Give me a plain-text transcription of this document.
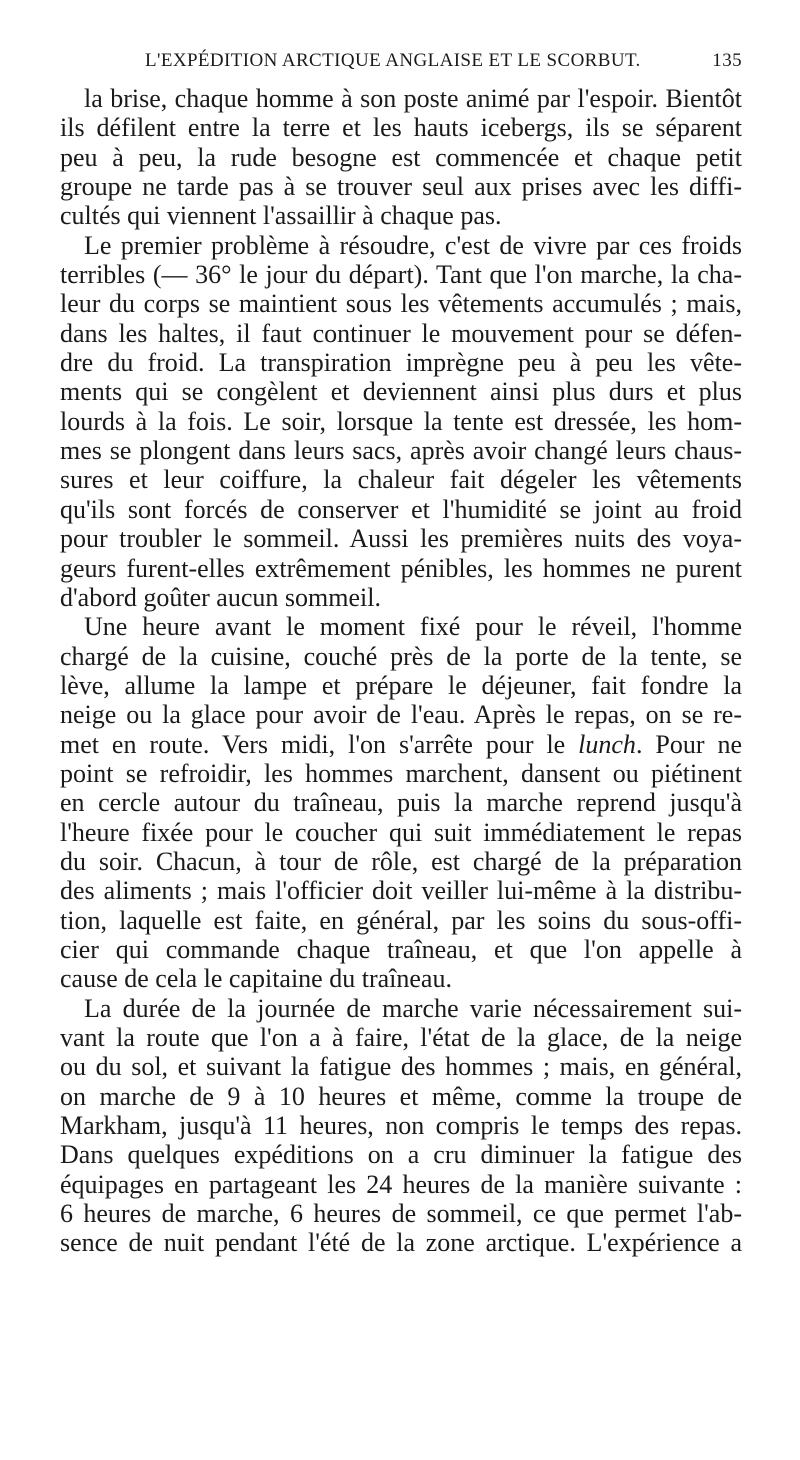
L'EXPÉDITION ARCTIQUE ANGLAISE ET LE SCORBUT.	135
la brise, chaque homme à son poste animé par l'espoir. Bientôt
ils défilent entre la terre et les hauts icebergs, ils se séparent
peu à peu, la rude besogne est commencée et chaque petit
groupe ne tarde pas à se trouver seul aux prises avec les diffi-
cultés qui viennent l'assaillir à chaque pas.
Le premier problème à résoudre, c'est de vivre par ces froids
terribles (— 36° le jour du départ). Tant que l'on marche, la cha-
leur du corps se maintient sous les vêtements accumulés ; mais,
dans les haltes, il faut continuer le mouvement pour se défen-
dre du froid. La transpiration imprègne peu à peu les vête-
ments qui se congèlent et deviennent ainsi plus durs et plus
lourds à la fois. Le soir, lorsque la tente est dressée, les hom-
mes se plongent dans leurs sacs, après avoir changé leurs chaus-
sures et leur coiffure, la chaleur fait dégeler les vêtements
qu'ils sont forcés de conserver et l'humidité se joint au froid
pour troubler le sommeil. Aussi les premières nuits des voya-
geurs furent-elles extrêmement pénibles, les hommes ne purent
d'abord goûter aucun sommeil.
Une heure avant le moment fixé pour le réveil, l'homme
chargé de la cuisine, couché près de la porte de la tente, se
lève, allume la lampe et prépare le déjeuner, fait fondre la
neige ou la glace pour avoir de l'eau. Après le repas, on se re-
met en route. Vers midi, l'on s'arrête pour le lunch. Pour ne
point se refroidir, les hommes marchent, dansent ou piétinent
en cercle autour du traîneau, puis la marche reprend jusqu'à
l'heure fixée pour le coucher qui suit immédiatement le repas
du soir. Chacun, à tour de rôle, est chargé de la préparation
des aliments ; mais l'officier doit veiller lui-même à la distribu-
tion, laquelle est faite, en général, par les soins du sous-offi-
cier qui commande chaque traîneau, et que l'on appelle à
cause de cela le capitaine du traîneau.
La durée de la journée de marche varie nécessairement sui-
vant la route que l'on a à faire, l'état de la glace, de la neige
ou du sol, et suivant la fatigue des hommes ; mais, en général,
on marche de 9 à 10 heures et même, comme la troupe de
Markham, jusqu'à 11 heures, non compris le temps des repas.
Dans quelques expéditions on a cru diminuer la fatigue des
équipages en partageant les 24 heures de la manière suivante :
6 heures de marche, 6 heures de sommeil, ce que permet l'ab-
sence de nuit pendant l'été de la zone arctique. L'expérience a
